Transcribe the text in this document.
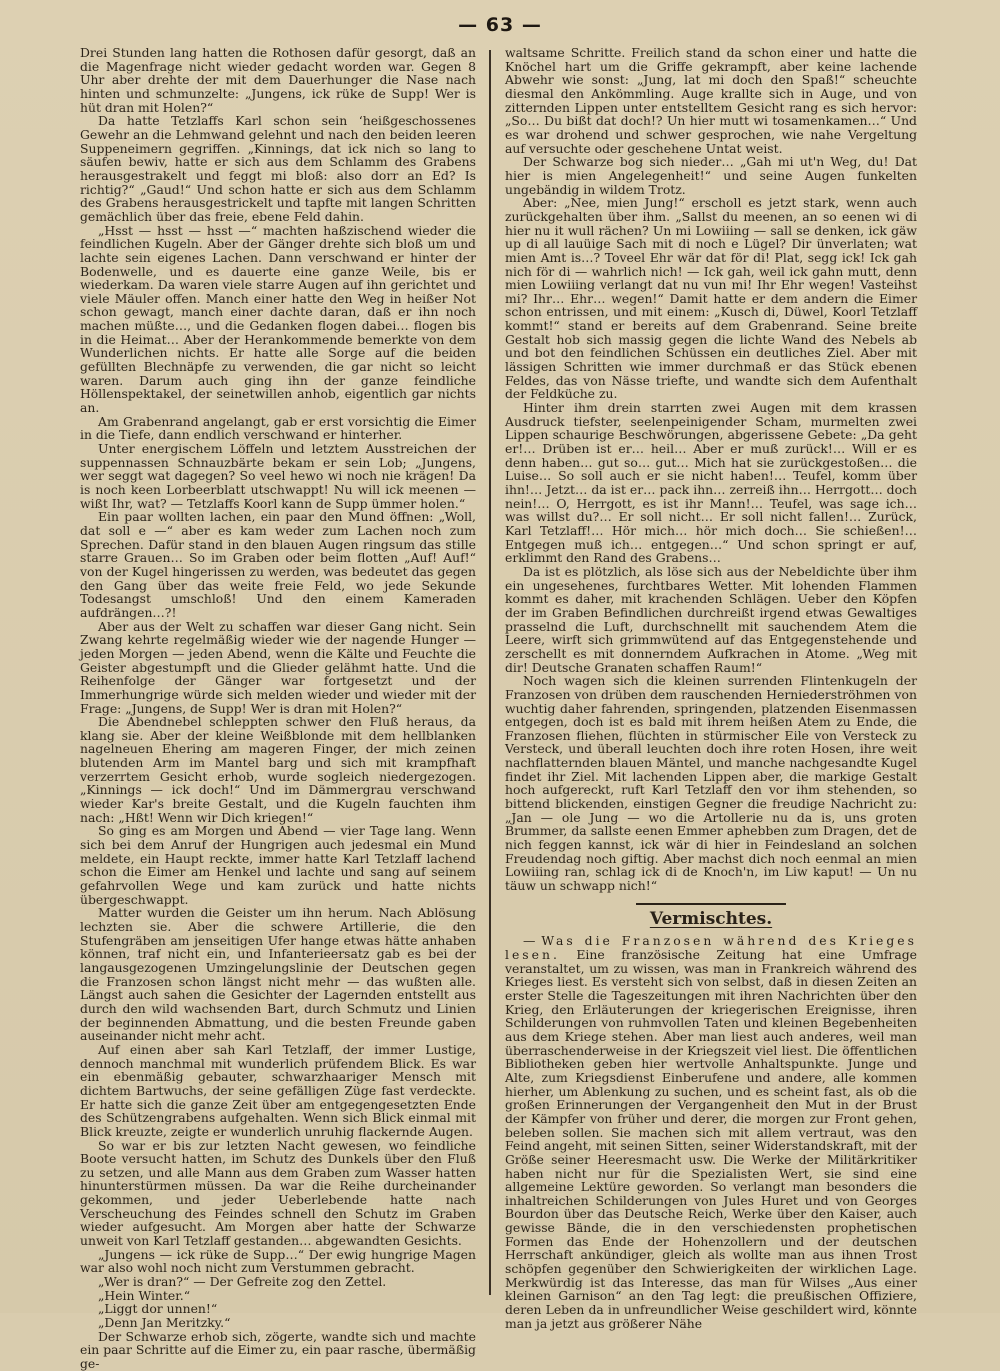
— 63 —

Drei Stunden lang hatten die Rothosen dafür gesorgt, daß an die Magenfrage nicht wieder gedacht worden war. Gegen 8 Uhr aber drehte der mit dem Dauerhunger die Nase nach hinten und schmunzelte: „Jungens, ick rüke de Supp! Wer is hüt dran mit Holen?“

Da hatte Tetzlaffs Karl schon sein ‘heißgeschossenes Gewehr an die Lehmwand gelehnt und nach den beiden leeren Suppeneimern gegriffen. „Kinnings, dat ick nich so lang to säufen bewiv, hatte er sich aus dem Schlamm des Grabens herausgestrakelt und feggt mi bloß: also dorr an Ed? Is richtig?“ „Gaud!“ Und schon hatte er sich aus dem Schlamm des Grabens herausgestrickelt und tapfte mit langen Schritten gemächlich über das freie, ebene Feld dahin.

„Hsst — hsst — hsst —“ machten haßzischend wieder die feindlichen Kugeln. Aber der Gänger drehte sich bloß um und lachte sein eigenes Lachen. Dann verschwand er hinter der Bodenwelle, und es dauerte eine ganze Weile, bis er wiederkam. Da waren viele starre Augen auf ihn gerichtet und viele Mäuler offen. Manch einer hatte den Weg in heißer Not schon gewagt, manch einer dachte daran, daß er ihn noch machen müßte…, und die Gedanken flogen dabei… flogen bis in die Heimat… Aber der Herankommende bemerkte von dem Wunderlichen nichts. Er hatte alle Sorge auf die beiden gefüllten Blechnäpfe zu verwenden, die gar nicht so leicht waren. Darum auch ging ihn der ganze feindliche Höllenspektakel, der seinetwillen anhob, eigentlich gar nichts an.

Am Grabenrand angelangt, gab er erst vorsichtig die Eimer in die Tiefe, dann endlich verschwand er hinterher.

Unter energischem Löffeln und letztem Ausstreichen der suppennassen Schnauzbärte bekam er sein Lob; „Jungens, wer seggt wat dagegen? So veel hewo wi noch nie krägen! Da is noch keen Lorbeerblatt utschwappt! Nu will ick meenen — wißt Ihr, wat? — Tetzlaffs Koorl kann de Supp ümmer holen.“

Ein paar wollten lachen, ein paar den Mund öffnen: „Woll, dat soll e —“ aber es kam weder zum Lachen noch zum Sprechen. Dafür stand in den blauen Augen ringsum das stille starre Grauen… So im Graben oder beim flotten „Auf! Auf!“ von der Kugel hingerissen zu werden, was bedeutet das gegen den Gang über das weite freie Feld, wo jede Sekunde Todesangst umschloß! Und den einem Kameraden aufdrängen…?!

Aber aus der Welt zu schaffen war dieser Gang nicht. Sein Zwang kehrte regelmäßig wieder wie der nagende Hunger — jeden Morgen — jeden Abend, wenn die Kälte und Feuchte die Geister abgestumpft und die Glieder gelähmt hatte. Und die Reihenfolge der Gänger war fortgesetzt und der Immerhungrige würde sich melden wieder und wieder mit der Frage: „Jungens, de Supp! Wer is dran mit Holen?“

Die Abendnebel schleppten schwer den Fluß heraus, da klang sie. Aber der kleine Weißblonde mit dem hellblanken nagelneuen Ehering am mageren Finger, der mich zeinen blutenden Arm im Mantel barg und sich mit krampfhaft verzerrtem Gesicht erhob, wurde sogleich niedergezogen. „Kinnings — ick doch!“ Und im Dämmergrau verschwand wieder Kar's breite Gestalt, und die Kugeln fauchten ihm nach: „Hßt! Wenn wir Dich kriegen!“

So ging es am Morgen und Abend — vier Tage lang. Wenn sich bei dem Anruf der Hungrigen auch jedesmal ein Mund meldete, ein Haupt reckte, immer hatte Karl Tetzlaff lachend schon die Eimer am Henkel und lachte und sang auf seinem gefahrvollen Wege und kam zurück und hatte nichts übergeschwappt.

Matter wurden die Geister um ihn herum. Nach Ablösung lechzten sie. Aber die schwere Artillerie, die den Stufengräben am jenseitigen Ufer hange etwas hätte anhaben können, traf nicht ein, und Infanterieersatz gab es bei der langausgezogenen Umzingelungslinie der Deutschen gegen die Franzosen schon längst nicht mehr — das wußten alle. Längst auch sahen die Gesichter der Lagernden entstellt aus durch den wild wachsenden Bart, durch Schmutz und Linien der beginnenden Abmattung, und die besten Freunde gaben auseinander nicht mehr acht.

Auf einen aber sah Karl Tetzlaff, der immer Lustige, dennoch manchmal mit wunderlich prüfendem Blick. Es war ein ebenmäßig gebauter, schwarzhaariger Mensch mit dichtem Bartwuchs, der seine gefälligen Züge fast verdeckte. Er hatte sich die ganze Zeit über am entgegengesetzten Ende des Schützengrabens aufgehalten. Wenn sich Blick einmal mit Blick kreuzte, zeigte er wunderlich unruhig flackernde Augen.

So war er bis zur letzten Nacht gewesen, wo feindliche Boote versucht hatten, im Schutz des Dunkels über den Fluß zu setzen, und alle Mann aus dem Graben zum Wasser hatten hinunterstürmen müssen. Da war die Reihe durcheinander gekommen, und jeder Ueberlebende hatte nach Verscheuchung des Feindes schnell den Schutz im Graben wieder aufgesucht. Am Morgen aber hatte der Schwarze unweit von Karl Tetzlaff gestanden… abgewandten Gesichts.

„Jungens — ick rüke de Supp…“ Der ewig hungrige Magen war also wohl noch nicht zum Verstummen gebracht.

„Wer is dran?“ — Der Gefreite zog den Zettel.

„Hein Winter.“

„Liggt dor unnen!“

„Denn Jan Meritzky.“

Der Schwarze erhob sich, zögerte, wandte sich und machte ein paar Schritte auf die Eimer zu, ein paar rasche, übermäßig ge-

waltsame Schritte. Freilich stand da schon einer und hatte die Knöchel hart um die Griffe gekrampft, aber keine lachende Abwehr wie sonst: „Jung, lat mi doch den Spaß!“ scheuchte diesmal den Ankömmling. Auge krallte sich in Auge, und von zitternden Lippen unter entstelltem Gesicht rang es sich hervor: „So… Du bißt dat doch!? Un hier mutt wi tosamenkamen…“ Und es war drohend und schwer gesprochen, wie nahe Vergeltung auf versuchte oder geschehene Untat weist.

Der Schwarze bog sich nieder… „Gah mi ut'n Weg, du! Dat hier is mien Angelegenheit!“ und seine Augen funkelten ungebändig in wildem Trotz.

Aber: „Nee, mien Jung!“ erscholl es jetzt stark, wenn auch zurückgehalten über ihm. „Sallst du meenen, an so eenen wi di hier nu it wull rächen? Un mi Lowiiing — sall se denken, ick gäw up di all lauüige Sach mit di noch e Lügel? Dir ünverlaten; wat mien Amt is…? Toveel Ehr wär dat för di! Plat, segg ick! Ick gah nich för di — wahrlich nich! — Ick gah, weil ick gahn mutt, denn mien Lowiiing verlangt dat nu vun mi! Ihr Ehr wegen! Vasteihst mi? Ihr… Ehr… wegen!“ Damit hatte er dem andern die Eimer schon entrissen, und mit einem: „Kusch di, Düwel, Koorl Tetzlaff kommt!“ stand er bereits auf dem Grabenrand. Seine breite Gestalt hob sich massig gegen die lichte Wand des Nebels ab und bot den feindlichen Schüssen ein deutliches Ziel. Aber mit lässigen Schritten wie immer durchmaß er das Stück ebenen Feldes, das von Nässe triefte, und wandte sich dem Aufenthalt der Feldküche zu.

Hinter ihm drein starrten zwei Augen mit dem krassen Ausdruck tiefster, seelenpeinigender Scham, murmelten zwei Lippen schaurige Beschwörungen, abgerissene Gebete: „Da geht er!… Drüben ist er… heil… Aber er muß zurück!… Will er es denn haben… gut so… gut… Mich hat sie zurückgestoßen… die Luise… So soll auch er sie nicht haben!… Teufel, komm über ihn!… Jetzt… da ist er… pack ihn… zerreiß ihn… Herrgott… doch nein!… O, Herrgott, es ist ihr Mann!… Teufel, was sage ich… was willst du?… Er soll nicht… Er soll nicht fallen!… Zurück, Karl Tetzlaff!… Hör mich… hör mich doch… Sie schießen!… Entgegen muß ich… entgegen…“ Und schon springt er auf, erklimmt den Rand des Grabens…

Da ist es plötzlich, als löse sich aus der Nebeldichte über ihm ein ungesehenes, furchtbares Wetter. Mit lohenden Flammen kommt es daher, mit krachenden Schlägen. Ueber den Köpfen der im Graben Befindlichen durchreißt irgend etwas Gewaltiges prasselnd die Luft, durchschnellt mit sauchendem Atem die Leere, wirft sich grimmwütend auf das Entgegenstehende und zerschellt es mit donnerndem Aufkrachen in Atome. „Weg mit dir! Deutsche Granaten schaffen Raum!“

Noch wagen sich die kleinen surrenden Flintenkugeln der Franzosen von drüben dem rauschenden Herniederströhmen von wuchtig daher fahrenden, springenden, platzenden Eisenmassen entgegen, doch ist es bald mit ihrem heißen Atem zu Ende, die Franzosen fliehen, flüchten in stürmischer Eile von Versteck zu Versteck, und überall leuchten doch ihre roten Hosen, ihre weit nachflatternden blauen Mäntel, und manche nachgesandte Kugel findet ihr Ziel. Mit lachenden Lippen aber, die markige Gestalt hoch aufgereckt, ruft Karl Tetzlaff den vor ihm stehenden, so bittend blickenden, einstigen Gegner die freudige Nachricht zu: „Jan — ole Jung — wo die Artollerie nu da is, uns groten Brummer, da sallste eenen Emmer aphebben zum Dragen, det de nich feggen kannst, ick wär di hier in Feindesland an solchen Freudendag noch giftig. Aber machst dich noch eenmal an mien Lowiiing ran, schlag ick di de Knoch'n, im Liw kaput! — Un nu täuw un schwapp nich!“

Vermischtes.

— Was die Franzosen während des Krieges lesen. Eine französische Zeitung hat eine Umfrage veranstaltet, um zu wissen, was man in Frankreich während des Krieges liest. Es versteht sich von selbst, daß in diesen Zeiten an erster Stelle die Tageszeitungen mit ihren Nachrichten über den Krieg, den Erläuterungen der kriegerischen Ereignisse, ihren Schilderungen von ruhmvollen Taten und kleinen Begebenheiten aus dem Kriege stehen. Aber man liest auch anderes, weil man überraschenderweise in der Kriegszeit viel liest. Die öffentlichen Bibliotheken geben hier wertvolle Anhaltspunkte. Junge und Alte, zum Kriegsdienst Einberufene und andere, alle kommen hierher, um Ablenkung zu suchen, und es scheint fast, als ob die großen Erinnerungen der Vergangenheit den Mut in der Brust der Kämpfer von früher und derer, die morgen zur Front gehen, beleben sollen. Sie machen sich mit allem vertraut, was den Feind angeht, mit seinen Sitten, seiner Widerstandskraft, mit der Größe seiner Heeresmacht usw. Die Werke der Militärkritiker haben nicht nur für die Spezialisten Wert, sie sind eine allgemeine Lektüre geworden. So verlangt man besonders die inhaltreichen Schilderungen von Jules Huret und von Georges Bourdon über das Deutsche Reich, Werke über den Kaiser, auch gewisse Bände, die in den verschiedensten prophetischen Formen das Ende der Hohenzollern und der deutschen Herrschaft ankündiger, gleich als wollte man aus ihnen Trost schöpfen gegenüber den Schwierigkeiten der wirklichen Lage. Merkwürdig ist das Interesse, das man für Wilses „Aus einer kleinen Garnison“ an den Tag legt: die preußischen Offiziere, deren Leben da in unfreundlicher Weise geschildert wird, könnte man ja jetzt aus größerer Nähe
